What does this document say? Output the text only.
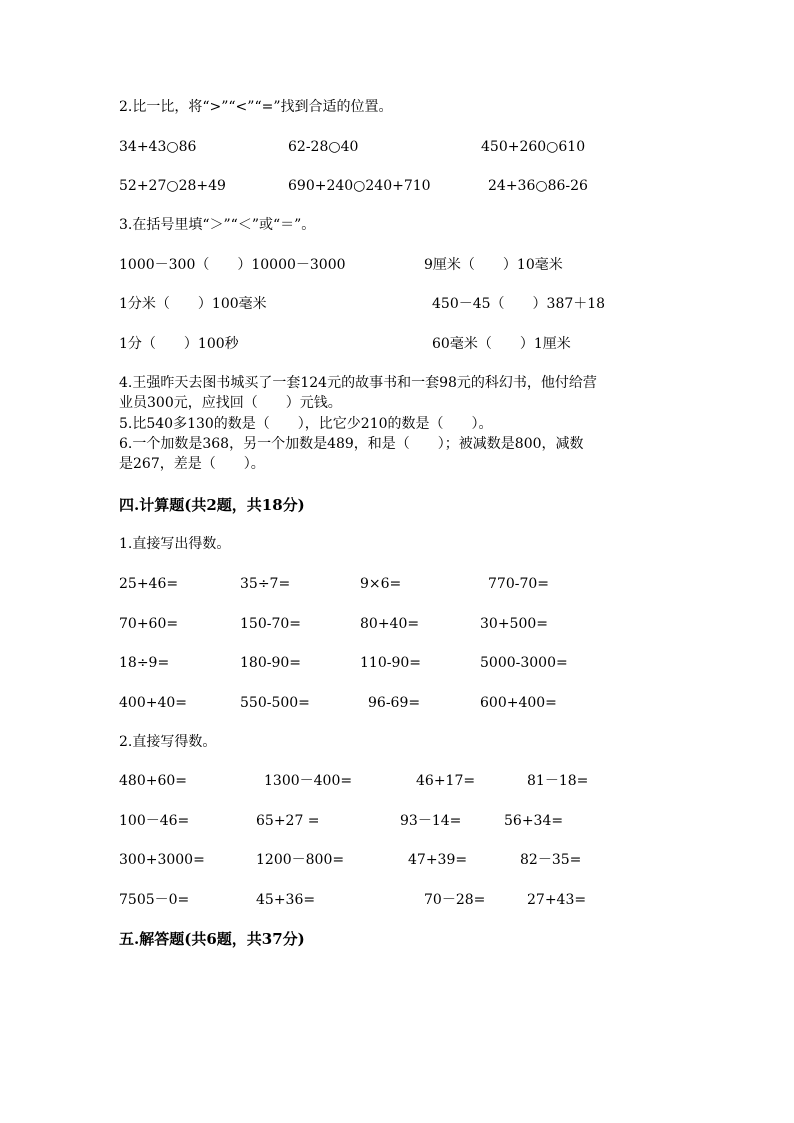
2.比一比，将“>”“<”“=”找到合适的位置。
34+43○86	62-28○40	450+260○610
52+27○28+49	690+240○240+710	24+36○86-26
3.在括号里填“＞”“＜”或“＝”。
1000－300（　　）10000－3000	9厘米（　　）10毫米
1分米（　　）100毫米	450－45（　　）387＋18
1分（　　）100秒	60毫米（　　）1厘米
4.王强昨天去图书城买了一套124元的故事书和一套98元的科幻书，他付给营
业员300元，应找回（　　）元钱。
5.比540多130的数是（　　），比它少210的数是（　　）。
6.一个加数是368，另一个加数是489，和是（　　）；被减数是800，减数
是267，差是（　　）。
四.计算题(共2题，共18分)
1.直接写出得数。
25+46=	35÷7=	9×6=	770-70=
70+60=	150-70=	80+40=	30+500=
18÷9=	180-90=	110-90=	5000-3000=
400+40=	550-500=	96-69=	600+400=
2.直接写得数。
480+60=	1300－400=	46+17=	81－18=
100－46=	65+27 =	93－14=	56+34=
300+3000=	1200－800=	47+39=	82－35=
7505－0=	45+36=	70－28=	27+43=
五.解答题(共6题，共37分)
